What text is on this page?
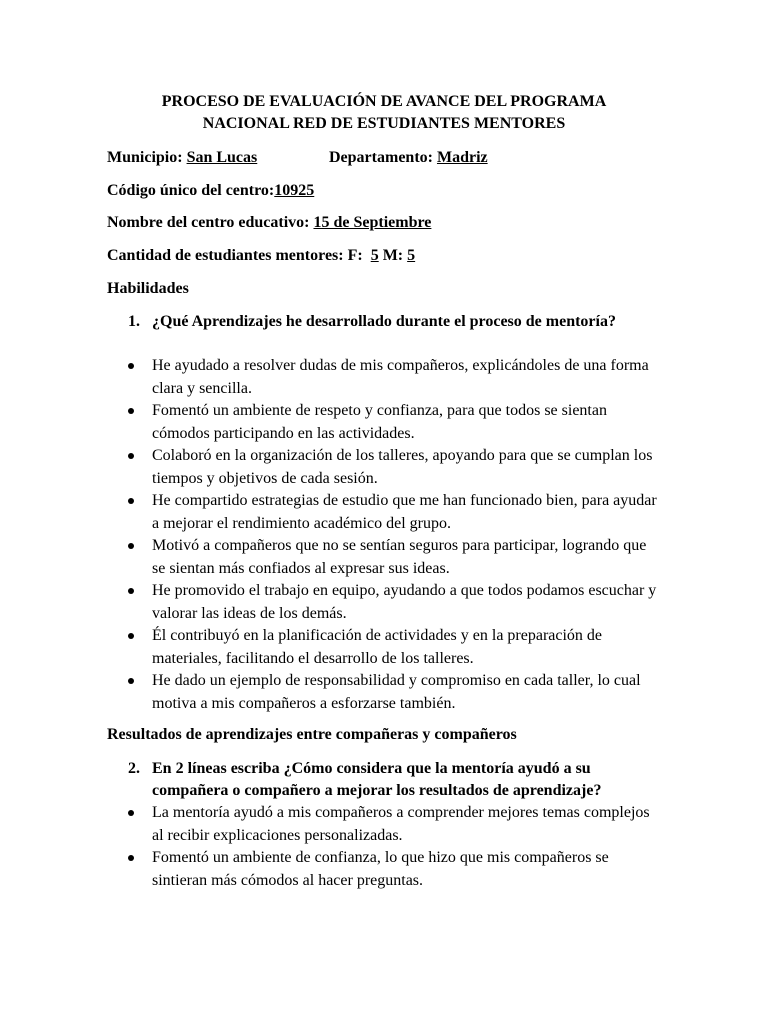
PROCESO DE EVALUACIÓN DE AVANCE DEL PROGRAMA
NACIONAL RED DE ESTUDIANTES MENTORES
Municipio: San Lucas	Departamento: Madriz
Código único del centro:10925
Nombre del centro educativo: 15 de Septiembre
Cantidad de estudiantes mentores: F: 5 M: 5
Habilidades
1. ¿Qué Aprendizajes he desarrollado durante el proceso de mentoría?
He ayudado a resolver dudas de mis compañeros, explicándoles de una forma clara y sencilla.
Fomentó un ambiente de respeto y confianza, para que todos se sientan cómodos participando en las actividades.
Colaboró en la organización de los talleres, apoyando para que se cumplan los tiempos y objetivos de cada sesión.
He compartido estrategias de estudio que me han funcionado bien, para ayudar a mejorar el rendimiento académico del grupo.
Motivó a compañeros que no se sentían seguros para participar, logrando que se sientan más confiados al expresar sus ideas.
He promovido el trabajo en equipo, ayudando a que todos podamos escuchar y valorar las ideas de los demás.
Él contribuyó en la planificación de actividades y en la preparación de materiales, facilitando el desarrollo de los talleres.
He dado un ejemplo de responsabilidad y compromiso en cada taller, lo cual motiva a mis compañeros a esforzarse también.
Resultados de aprendizajes entre compañeras y compañeros
2. En 2 líneas escriba ¿Cómo considera que la mentoría ayudó a su compañera o compañero a mejorar los resultados de aprendizaje?
La mentoría ayudó a mis compañeros a comprender mejores temas complejos al recibir explicaciones personalizadas.
Fomentó un ambiente de confianza, lo que hizo que mis compañeros se sintieran más cómodos al hacer preguntas.
